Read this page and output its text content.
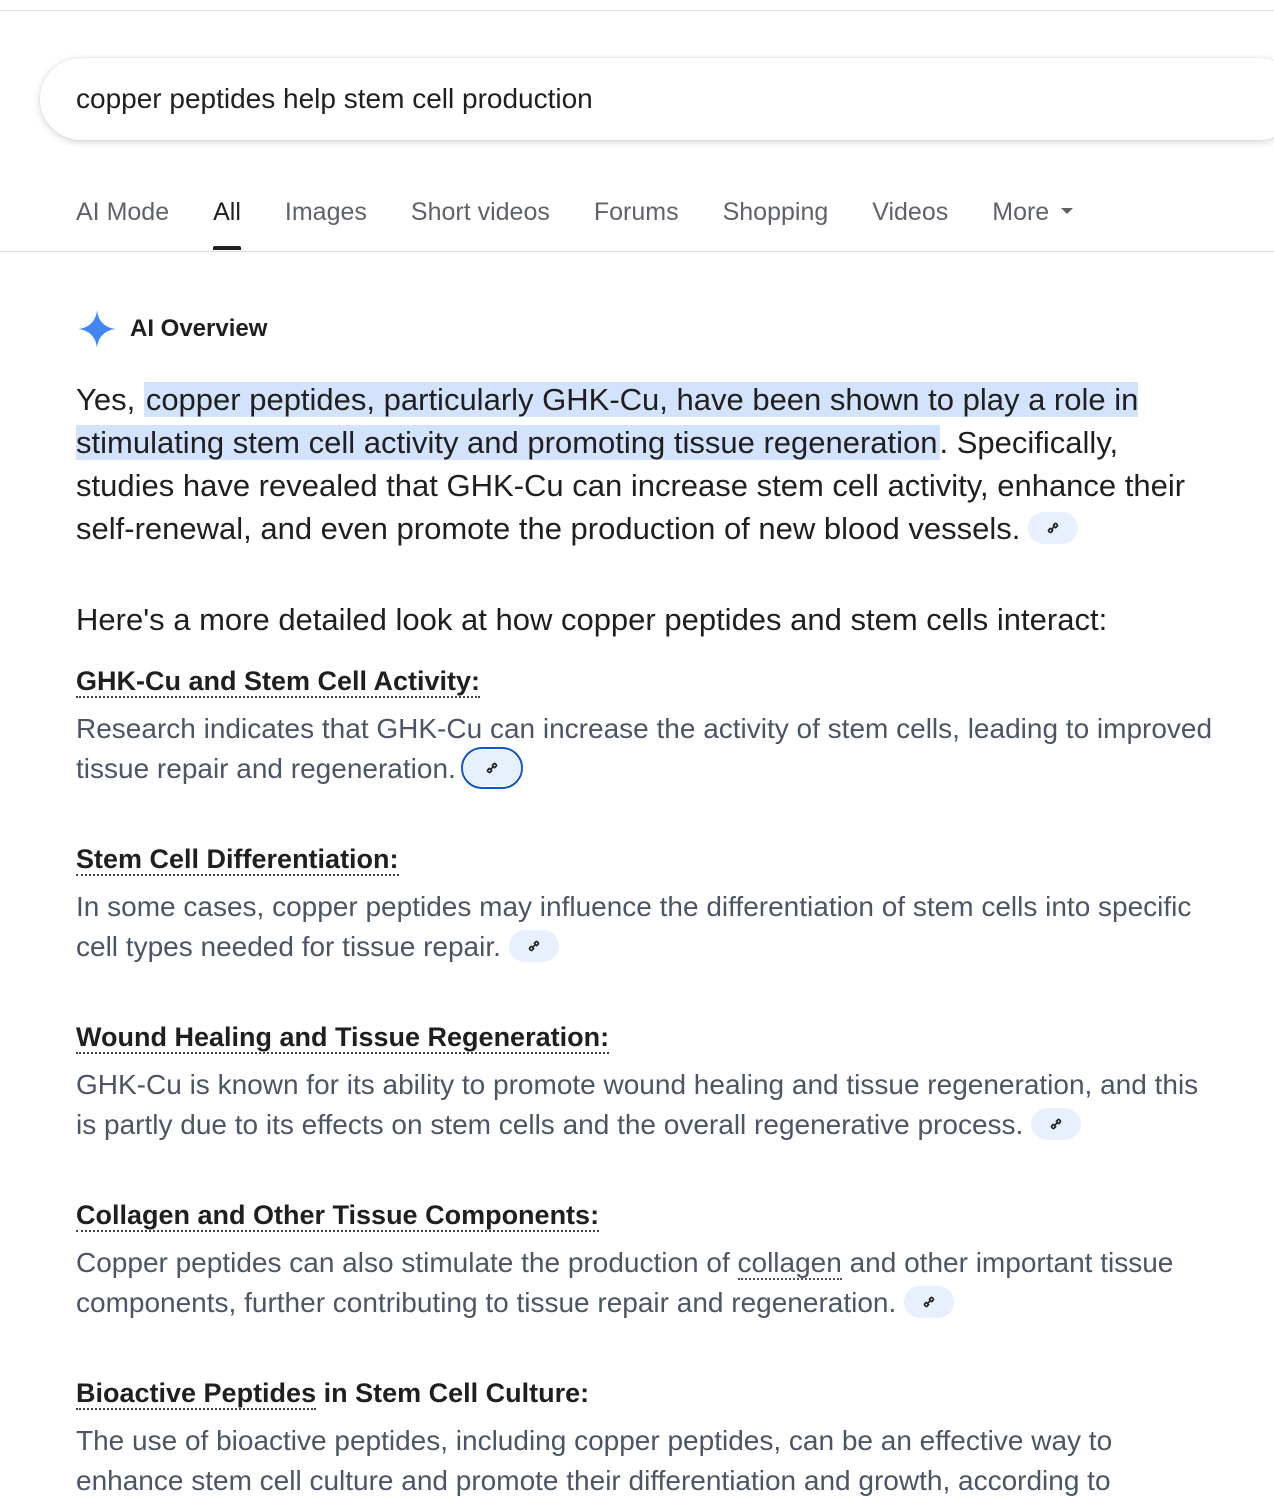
copper peptides help stem cell production
AI Mode All Images Short videos Forums Shopping Videos More
AI Overview

Yes, copper peptides, particularly GHK-Cu, have been shown to play a role in stimulating stem cell activity and promoting tissue regeneration. Specifically, studies have revealed that GHK-Cu can increase stem cell activity, enhance their self-renewal, and even promote the production of new blood vessels.

Here's a more detailed look at how copper peptides and stem cells interact:

GHK-Cu and Stem Cell Activity:

Research indicates that GHK-Cu can increase the activity of stem cells, leading to improved tissue repair and regeneration.

Stem Cell Differentiation:

In some cases, copper peptides may influence the differentiation of stem cells into specific cell types needed for tissue repair.

Wound Healing and Tissue Regeneration:

GHK-Cu is known for its ability to promote wound healing and tissue regeneration, and this is partly due to its effects on stem cells and the overall regenerative process.

Collagen and Other Tissue Components:

Copper peptides can also stimulate the production of collagen and other important tissue components, further contributing to tissue repair and regeneration.

Bioactive Peptides in Stem Cell Culture:

The use of bioactive peptides, including copper peptides, can be an effective way to enhance stem cell culture and promote their differentiation and growth, according to
